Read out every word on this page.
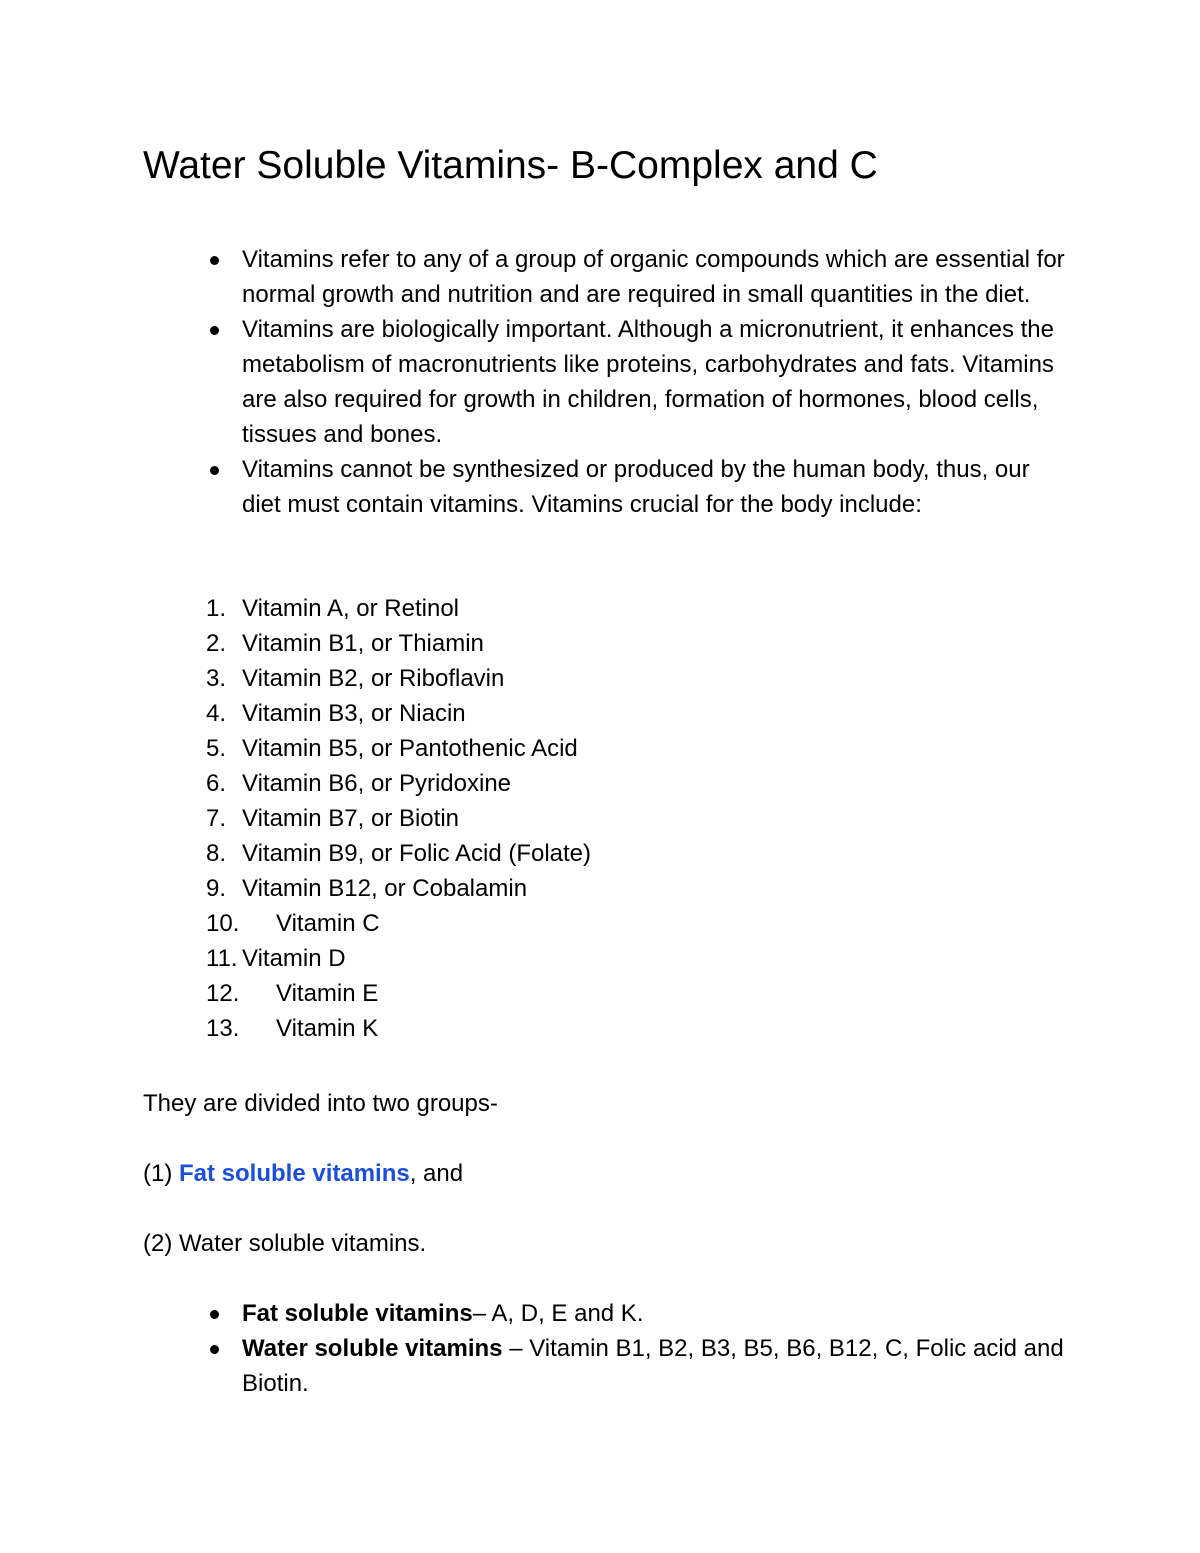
Water Soluble Vitamins- B-Complex and C
Vitamins refer to any of a group of organic compounds which are essential for normal growth and nutrition and are required in small quantities in the diet.
Vitamins are biologically important. Although a micronutrient, it enhances the metabolism of macronutrients like proteins, carbohydrates and fats. Vitamins are also required for growth in children, formation of hormones, blood cells, tissues and bones.
Vitamins cannot be synthesized or produced by the human body, thus, our diet must contain vitamins. Vitamins crucial for the body include:
1. Vitamin A, or Retinol
2. Vitamin B1, or Thiamin
3. Vitamin B2, or Riboflavin
4. Vitamin B3, or Niacin
5. Vitamin B5, or Pantothenic Acid
6. Vitamin B6, or Pyridoxine
7. Vitamin B7, or Biotin
8. Vitamin B9, or Folic Acid (Folate)
9. Vitamin B12, or Cobalamin
10. Vitamin C
11. Vitamin D
12. Vitamin E
13. Vitamin K

They are divided into two groups-

(1) Fat soluble vitamins, and

(2) Water soluble vitamins.

Fat soluble vitamins– A, D, E and K.
Water soluble vitamins – Vitamin B1, B2, B3, B5, B6, B12, C, Folic acid and Biotin.
